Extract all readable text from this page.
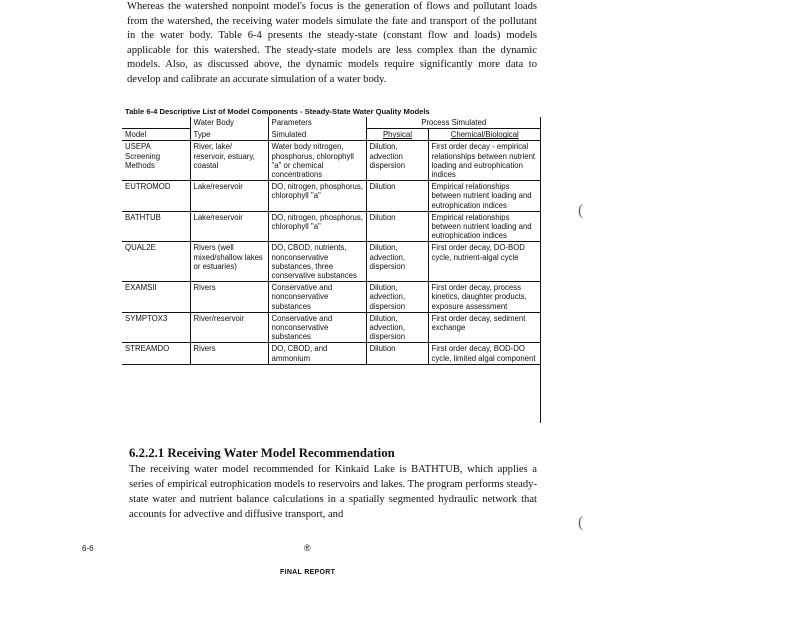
Whereas the watershed nonpoint model's focus is the generation of flows and pollutant loads from the watershed, the receiving water models simulate the fate and transport of the pollutant in the water body. Table 6-4 presents the steady-state (constant flow and loads) models applicable for this watershed. The steady-state models are less complex than the dynamic models. Also, as discussed above, the dynamic models require significantly more data to develop and calibrate an accurate simulation of a water body.
Table 6-4 Descriptive List of Model Components - Steady-State Water Quality Models
	Water Body	Parameters	Process Simulated	
Model	Type	Simulated	Physical	Chemical/Biological
USEPA Screening Methods	River, lake/ reservoir, estuary, coastal	Water body nitrogen, phosphorus, chlorophyll "a" or chemical concentrations	Dilution, advection dispersion	First order decay - empirical relationships between nutrient loading and eutrophication indices
EUTROMOD	Lake/reservoir	DO, nitrogen, phosphorus, chlorophyll "a"	Dilution	Empirical relationships between nutrient loading and eutrophication indices
BATHTUB	Lake/reservoir	DO, nitrogen, phosphorus, chlorophyll "a"	Dilution	Empirical relationships between nutrient loading and eutrophication indices
QUAL2E	Rivers (well mixed/shallow lakes or estuaries)	DO, CBOD, nutrients, nonconservative substances, three conservative substances	Dilution, advection, dispersion	First order decay, DO-BOD cycle, nutrient-algal cycle
EXAMSII	Rivers	Conservative and nonconservative substances	Dilution, advection, dispersion	First order decay, process kinetics, daughter products, exposure assessment
SYMPTOX3	River/reservoir	Conservative and nonconservative substances	Dilution, advection, dispersion	First order decay, sediment exchange
STREAMDO	Rivers	DO, CBOD, and ammonium	Dilution	First order decay, BOD-DO cycle, limited algal component
6.2.2.1 Receiving Water Model Recommendation
The receiving water model recommended for Kinkaid Lake is BATHTUB, which applies a series of empirical eutrophication models to reservoirs and lakes. The program performs steady-state water and nutrient balance calculations in a spatially segmented hydraulic network that accounts for advective and diffusive transport, and
6-6	®
FINAL REPORT
(
(
